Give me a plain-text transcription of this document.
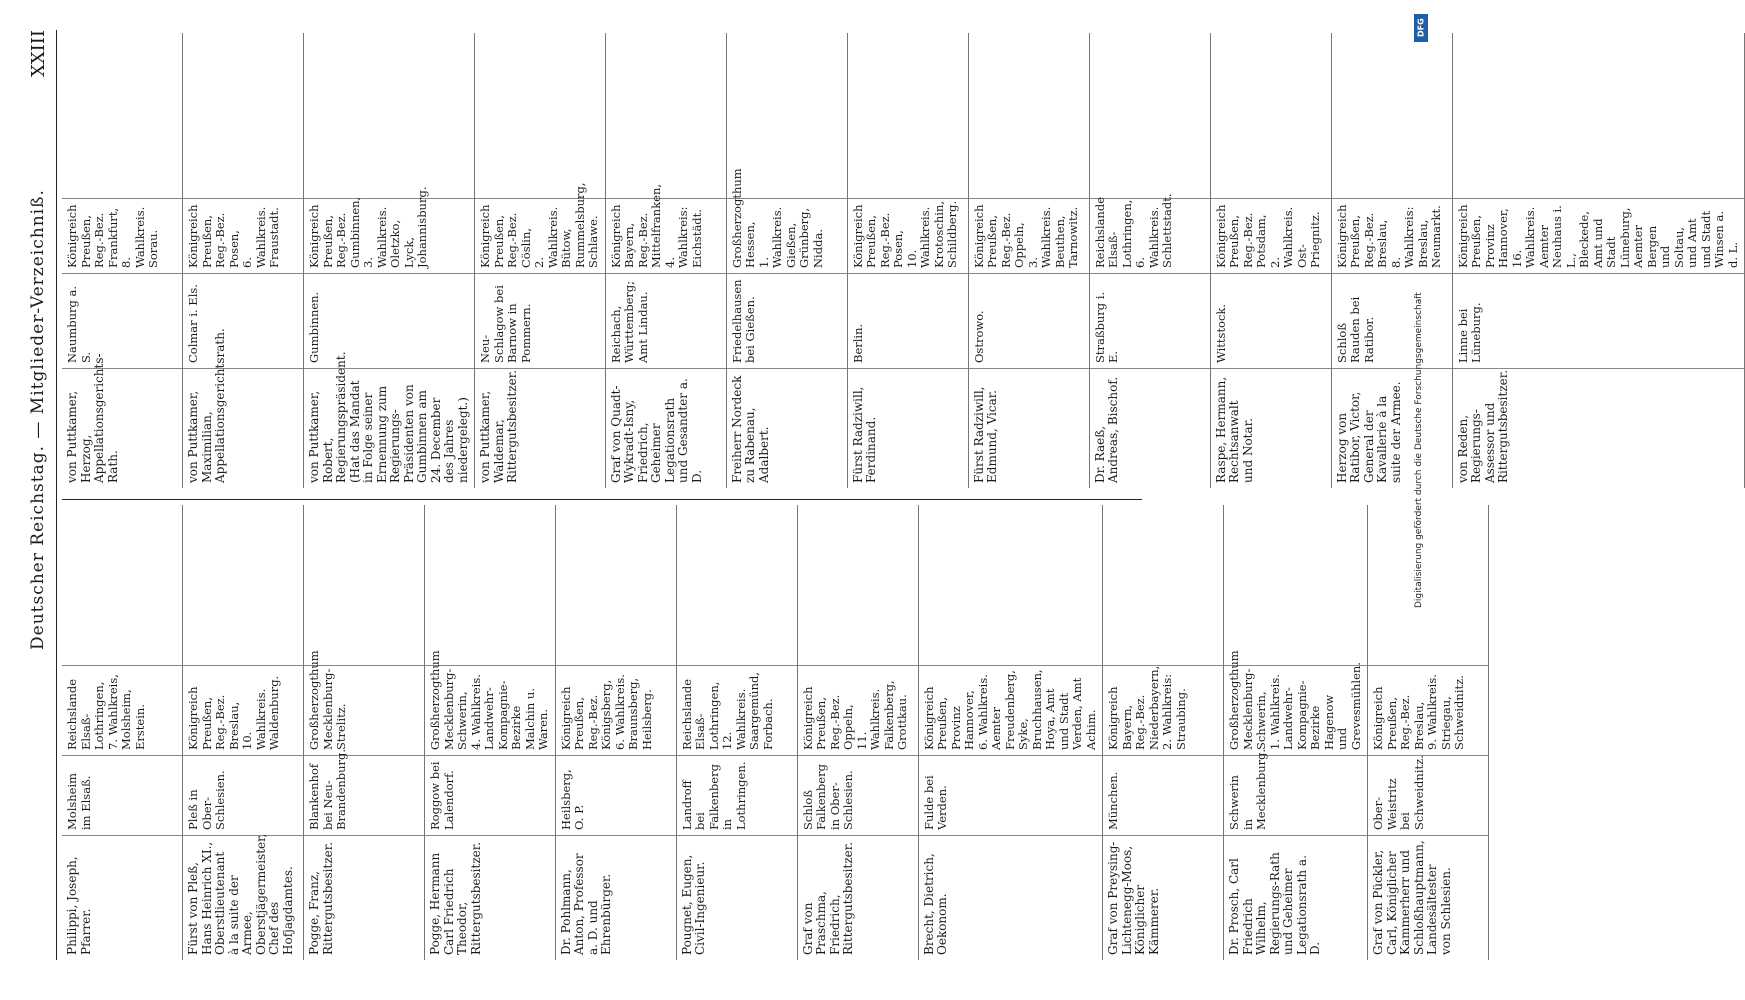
Deutscher Reichstag. — Mitglieder-Verzeichniß.
XXIII
Philippi, Joseph, Pfarrer.
Molsheim im Elsaß.
Reichslande Elsaß-Lothringen,
7. Wahlkreis,
Molsheim, Erstein.
Fürst von Pleß, Hans Heinrich XI., Oberstlieutenant à la suite der Armee, Oberstjägermeister, Chef des Hofjagdamtes.
Pleß in Ober-Schlesien.
Königreich Preußen, Reg.-Bez. Breslau,
10. Wahlkreis.
Waldenburg.
Pogge, Franz, Rittergutsbesitzer.
Blankenhof bei Neu-Brandenburg.
Großherzogthum Mecklenburg-Strelitz.
Pogge, Hermann Carl Friedrich Theodor, Rittergutsbesitzer.
Roggow bei Lalendorf.
Großherzogthum Mecklenburg-Schwerin,
4. Wahlkreis.
Landwehr-Kompagnie-Bezirke Malchin u. Waren.
Dr. Pohlmann, Anton, Professor a. D. und Ehrenbürger.
Heilsberg, O. P.
Königreich Preußen, Reg.-Bez. Königsberg,
6. Wahlkreis.
Braunsberg, Heilsberg.
Pougnet, Eugen, Civil-Ingenieur.
Landroff bei Falkenberg in Lothringen.
Reichslande Elsaß-Lothringen,
12. Wahlkreis.
Saargemünd, Forbach.
Graf von Praschma, Friedrich, Rittergutsbesitzer.
Schloß Falkenberg in Ober-Schlesien.
Königreich Preußen, Reg.-Bez. Oppeln,
11. Wahlkreis.
Falkenberg, Grottkau.
Brecht, Dietrich, Oekonom.
Fulde bei Verden.
Königreich Preußen, Provinz Hannover,
6. Wahlkreis.
Aemter Freudenberg, Syke, Bruchhausen, Hoya, Amt und Stadt Verden, Amt Achim.
Graf von Preysing-Lichtenegg-Moos, Königlicher Kämmerer.
München.
Königreich Bayern, Reg.-Bez. Niederbayern,
2. Wahlkreis:
Straubing.
Dr. Prosch, Carl Friedrich Wilhelm, Regierungs-Rath und Geheimer Legationsrath a. D.
Schwerin in Mecklenburg.
Großherzogthum Mecklenburg-Schwerin,
1. Wahlkreis.
Landwehr-Kompagnie-Bezirke Hagenow und Grevesmühlen.
Graf von Pückler, Carl, Königlicher Kammerherr und Schloßhauptmann, Landesältester von Schlesien.
Ober-Weistritz bei Schweidnitz.
Königreich Preußen, Reg.-Bez. Breslau,
9. Wahlkreis.
Striegau, Schweidnitz.
von Puttkamer, Herzog, Appellationsgerichts-Rath.
Naumburg a. S.
Königreich Preußen, Reg.-Bez. Frankfurt,
8. Wahlkreis.
Sorau.
von Puttkamer, Maximilian, Appellationsgerichtsrath.
Colmar i. Els.
Königreich Preußen, Reg.-Bez. Posen,
6. Wahlkreis.
Fraustadt.
von Puttkamer, Robert, Regierungspräsident.
(Hat das Mandat in Folge seiner Ernennung zum Regierungs-Präsidenten von Gumbinnen am 24. December des Jahres niedergelegt.)
Gumbinnen.
Königreich Preußen, Reg.-Bez. Gumbinnen,
3. Wahlkreis.
Oletzko, Lyck, Johannisburg.
von Puttkamer, Waldemar, Rittergutsbesitzer.
Neu-Schlagow bei Barnow in Pommern.
Königreich Preußen, Reg.-Bez. Cöslin,
2. Wahlkreis.
Bütow, Rummelsburg, Schlawe.
Graf von Quadt-Wykradt-Isny, Friedrich, Geheimer Legationsrath und Gesandter a. D.
Reichach, Württemberg; Amt Lindau.
Königreich Bayern, Reg.-Bez. Mittelfranken,
4. Wahlkreis:
Eichstädt.
Freiherr Nordeck zu Rabenau, Adalbert.
Friedelhausen bei Gießen.
Großherzogthum Hessen,
1. Wahlkreis.
Gießen, Grünberg, Nidda.
Fürst Radziwill, Ferdinand.
Berlin.
Königreich Preußen, Reg.-Bez. Posen,
10. Wahlkreis.
Krotoschin, Schildberg.
Fürst Radziwill, Edmund, Vicar.
Ostrowo.
Königreich Preußen, Reg.-Bez. Oppeln,
3. Wahlkreis.
Beuthen, Tarnowitz.
Dr. Raeß, Andreas, Bischof.
Straßburg i. E.
Reichslande Elsaß-Lothringen,
6. Wahlkreis.
Schlettstadt.
Raspe, Hermann, Rechtsanwalt und Notar.
Wittstock.
Königreich Preußen, Reg.-Bez. Potsdam,
2. Wahlkreis.
Ost-Priegnitz.
Herzog von Ratibor, Victor, General der Kavallerie à la suite der Armee.
Schloß Rauden bei Ratibor.
Königreich Preußen, Reg.-Bez. Breslau,
8. Wahlkreis:
Breslau, Neumarkt.
von Reden, Regierungs-Assessor und Rittergutsbesitzer.
Linne bei Lüneburg.
Königreich Preußen, Provinz Hannover,
16. Wahlkreis.
Aemter Neuhaus i. L., Bleckede, Amt und Stadt Lüneburg, Aemter Bergen und Soltau, und Amt und Stadt Winsen a. d. L.
DFG
Digitalisierung gefördert durch die Deutsche Forschungsgemeinschaft
